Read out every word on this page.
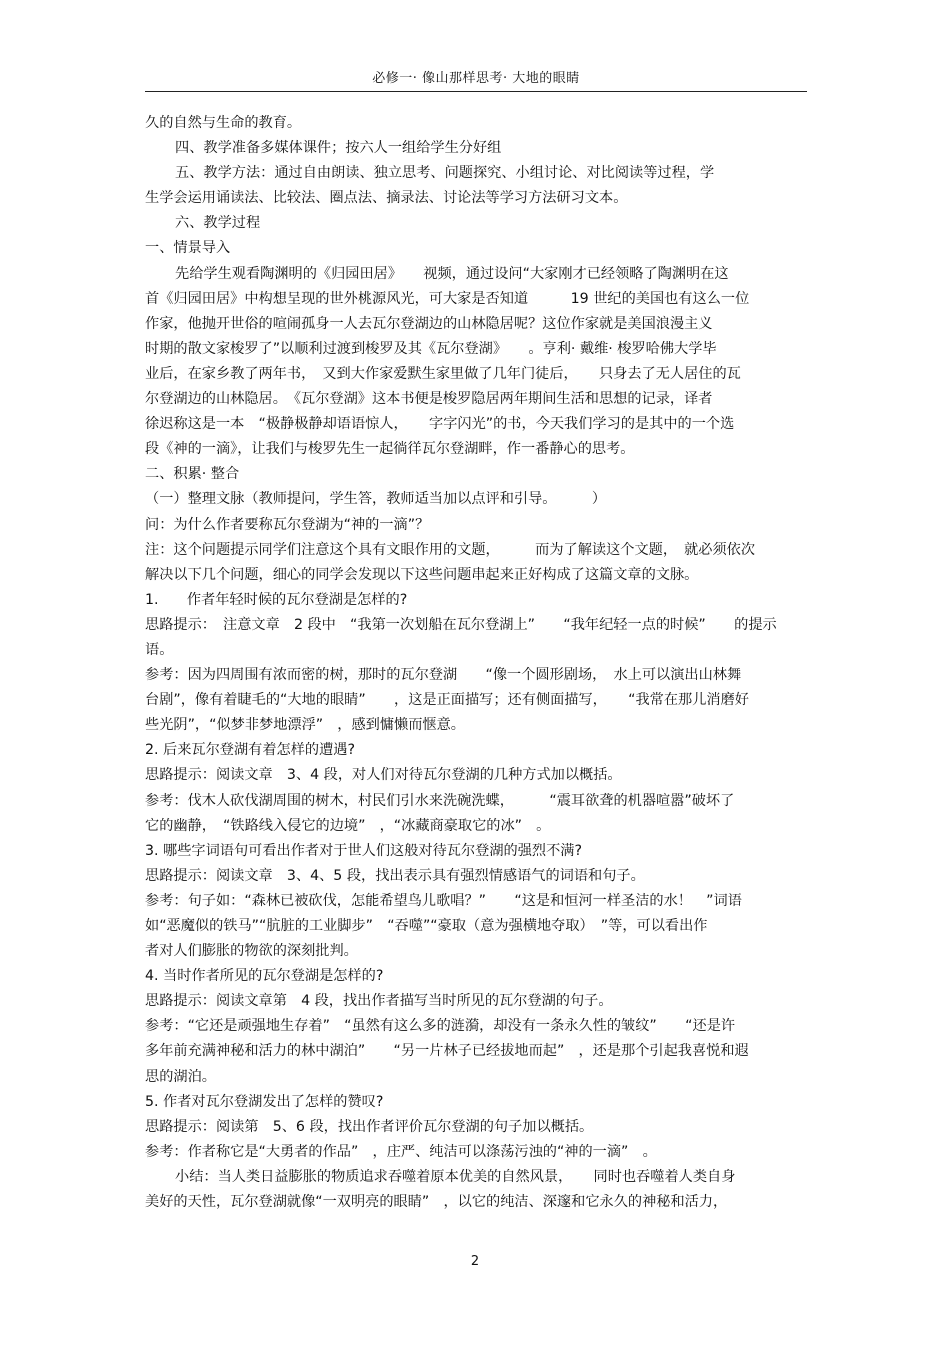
必修一· 像山那样思考· 大地的眼睛
久的自然与生命的教育。
四、教学准备多媒体课件；按六人一组给学生分好组
五、教学方法：通过自由朗读、独立思考、问题探究、小组讨论、对比阅读等过程，学
生学会运用诵读法、比较法、圈点法、摘录法、讨论法等学习方法研习文本。
六、教学过程
一、情景导入
先给学生观看陶渊明的《归园田居》　　视频，通过设问“大家刚才已经领略了陶渊明在这
首《归园田居》中构想呈现的世外桃源风光，可大家是否知道　　　19 世纪的美国也有这么一位
作家，他抛开世俗的喧闹孤身一人去瓦尔登湖边的山林隐居呢？这位作家就是美国浪漫主义
时期的散文家梭罗了”以顺利过渡到梭罗及其《瓦尔登湖》　　。亨利· 戴维· 梭罗哈佛大学毕
业后，在家乡教了两年书，　又到大作家爱默生家里做了几年门徒后，　　只身去了无人居住的瓦
尔登湖边的山林隐居。　《瓦尔登湖》这本书便是梭罗隐居两年期间生活和思想的记录，译者
徐迟称这是一本　“极静极静却语语惊人，　　字字闪光”的书，今天我们学习的是其中的一个选
段《神的一滴》，让我们与梭罗先生一起徜徉瓦尔登湖畔，作一番静心的思考。
二、积累· 整合
（一）整理文脉（教师提问，学生答，教师适当加以点评和引导。　　　）
问：为什么作者要称瓦尔登湖为“神的一滴”？
注：这个问题提示同学们注意这个具有文眼作用的文题，　　　而为了解读这个文题，　就必须依次
解决以下几个问题，细心的同学会发现以下这些问题串起来正好构成了这篇文章的文脉。
1.　　作者年轻时候的瓦尔登湖是怎样的?
思路提示：　注意文章　2 段中　“我第一次划船在瓦尔登湖上”　　“我年纪轻一点的时候”　　的提示
语。
参考：因为四周围有浓而密的树，那时的瓦尔登湖　　“像一个圆形剧场，　水上可以演出山林舞
台剧”，像有着睫毛的“大地的眼睛”　　，这是正面描写；还有侧面描写，　　“我常在那儿消磨好
些光阴”，“似梦非梦地漂浮”　，感到慵懒而惬意。
2. 后来瓦尔登湖有着怎样的遭遇?
思路提示：阅读文章　3、4 段，对人们对待瓦尔登湖的几种方式加以概括。
参考：伐木人砍伐湖周围的树木，村民们引水来洗碗洗蝶，　　　“震耳欲聋的机器喧嚣”破坏了
它的幽静，　“铁路线入侵它的边境”　，“冰藏商豪取它的冰”　。
3. 哪些字词语句可看出作者对于世人们这般对待瓦尔登湖的强烈不满?
思路提示：阅读文章　3、4、5 段，找出表示具有强烈情感语气的词语和句子。
参考：句子如：“森林已被砍伐，怎能希望鸟儿歌唱？”　　“这是和恒河一样圣洁的水！　”词语
如“恶魔似的铁马”“肮脏的工业脚步”　“吞噬”“豪取（意为强横地夺取）　”等，可以看出作
者对人们膨胀的物欲的深刻批判。
4. 当时作者所见的瓦尔登湖是怎样的?
思路提示：阅读文章第　4 段，找出作者描写当时所见的瓦尔登湖的句子。
参考：“它还是顽强地生存着”　“虽然有这么多的涟漪，却没有一条永久性的皱纹”　　“还是许
多年前充满神秘和活力的林中湖泊”　　“另一片林子已经拔地而起”　，还是那个引起我喜悦和遐
思的湖泊。
5. 作者对瓦尔登湖发出了怎样的赞叹?
思路提示：阅读第　5、6 段，找出作者评价瓦尔登湖的句子加以概括。
参考：作者称它是“大勇者的作品”　，庄严、纯洁可以涤荡污浊的“神的一滴”　。
小结：当人类日益膨胀的物质追求吞噬着原本优美的自然风景，　　同时也吞噬着人类自身
美好的天性，瓦尔登湖就像“一双明亮的眼睛”　，以它的纯洁、深邃和它永久的神秘和活力，
2
